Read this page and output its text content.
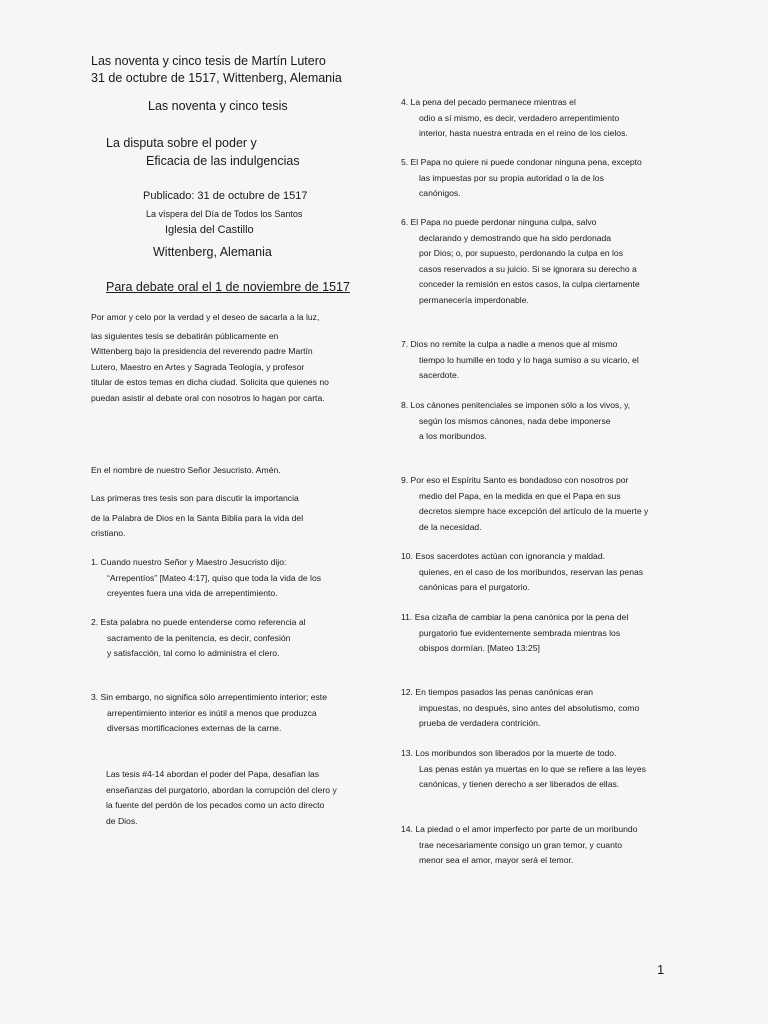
Las noventa y cinco tesis de Martín Lutero
31 de octubre de 1517, Wittenberg, Alemania
Las noventa y cinco tesis
La disputa sobre el poder y
Eficacia de las indulgencias
Publicado: 31 de octubre de 1517
La víspera del Día de Todos los Santos
Iglesia del Castillo
Wittenberg, Alemania
Para debate oral el 1 de noviembre de 1517
Por amor y celo por la verdad y el deseo de sacarla a la luz,
las siguientes tesis se debatirán públicamente en
Wittenberg bajo la presidencia del reverendo padre Martín
Lutero, Maestro en Artes y Sagrada Teología, y profesor
titular de estos temas en dicha ciudad. Solicita que quienes no
puedan asistir al debate oral con nosotros lo hagan por carta.
En el nombre de nuestro Señor Jesucristo. Amén.
Las primeras tres tesis son para discutir la importancia
de la Palabra de Dios en la Santa Biblia para la vida del
cristiano.
1. Cuando nuestro Señor y Maestro Jesucristo dijo:
“Arrepentíos” [Mateo 4:17], quiso que toda la vida de los
creyentes fuera una vida de arrepentimiento.
2. Esta palabra no puede entenderse como referencia al
sacramento de la penitencia, es decir, confesión
y satisfacción, tal como lo administra el clero.
3. Sin embargo, no significa sólo arrepentimiento interior; este
arrepentimiento interior es inútil a menos que produzca
diversas mortificaciones externas de la carne.
Las tesis #4-14 abordan el poder del Papa, desafían las
enseñanzas del purgatorio, abordan la corrupción del clero y
la fuente del perdón de los pecados como un acto directo
de Dios.
4. La pena del pecado permanece mientras el
odio a sí mismo, es decir, verdadero arrepentimiento
interior, hasta nuestra entrada en el reino de los cielos.
5. El Papa no quiere ni puede condonar ninguna pena, excepto
las impuestas por su propia autoridad o la de los
canónigos.
6. El Papa no puede perdonar ninguna culpa, salvo
declarando y demostrando que ha sido perdonada
por Dios; o, por supuesto, perdonando la culpa en los
casos reservados a su juicio. Si se ignorara su derecho a
conceder la remisión en estos casos, la culpa ciertamente
permanecería imperdonable.
7. Dios no remite la culpa a nadie a menos que al mismo
tiempo lo humille en todo y lo haga sumiso a su vicario, el
sacerdote.
8. Los cánones penitenciales se imponen sólo a los vivos, y,
según los mismos cánones, nada debe imponerse
a los moribundos.
9. Por eso el Espíritu Santo es bondadoso con nosotros por
medio del Papa, en la medida en que el Papa en sus
decretos siempre hace excepción del artículo de la muerte y
de la necesidad.
10. Esos sacerdotes actúan con ignorancia y maldad.
quienes, en el caso de los moribundos, reservan las penas
canónicas para el purgatorio.
11. Esa cizaña de cambiar la pena canónica por la pena del
purgatorio fue evidentemente sembrada mientras los
obispos dormían. [Mateo 13:25]
12. En tiempos pasados las penas canónicas eran
impuestas, no después, sino antes del absolutismo, como
prueba de verdadera contrición.
13. Los moribundos son liberados por la muerte de todo.
Las penas están ya muertas en lo que se refiere a las leyes
canónicas, y tienen derecho a ser liberados de ellas.
14. La piedad o el amor imperfecto por parte de un moribundo
trae necesariamente consigo un gran temor, y cuanto
menor sea el amor, mayor será el temor.
1
